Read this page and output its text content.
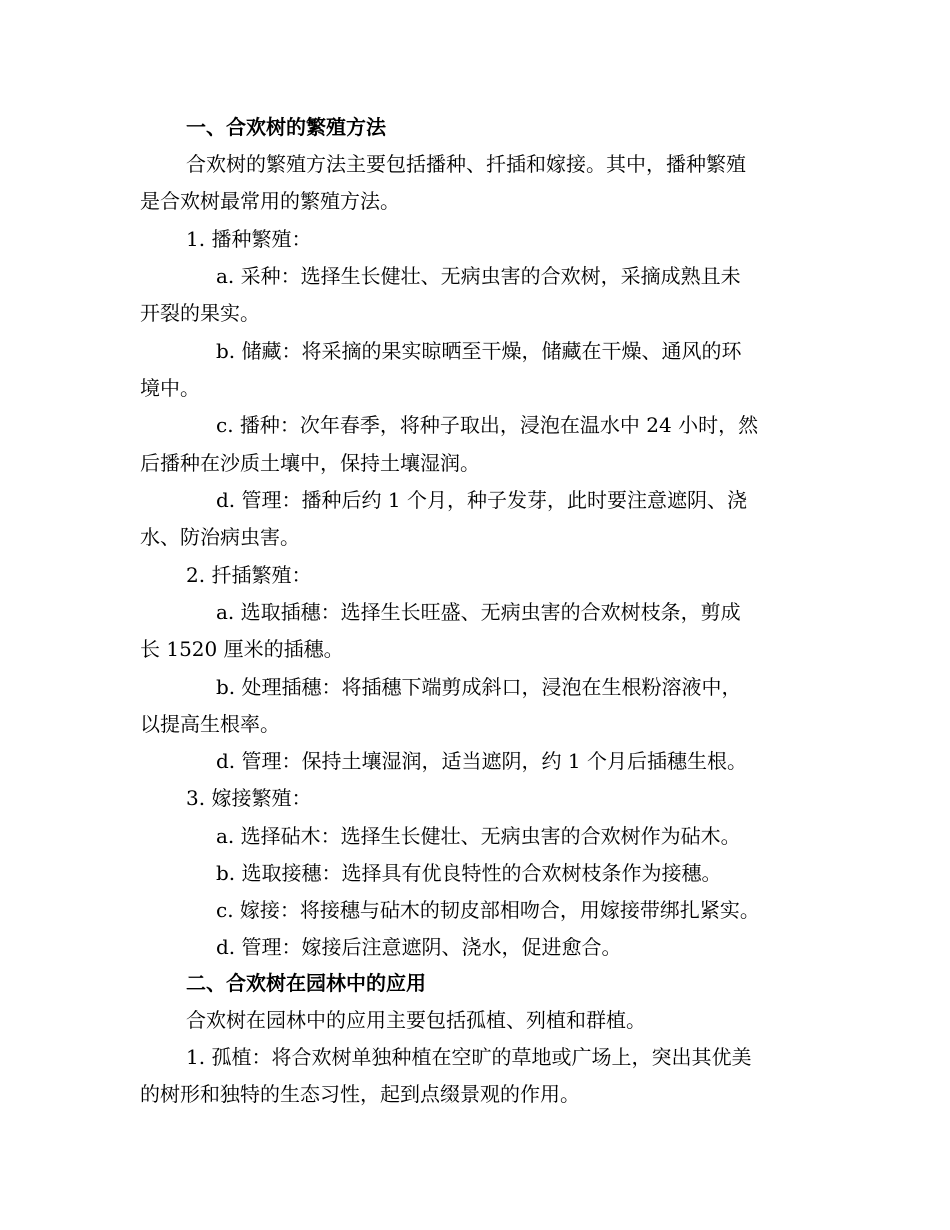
一、合欢树的繁殖方法

合欢树的繁殖方法主要包括播种、扦插和嫁接。其中，播种繁殖

是合欢树最常用的繁殖方法。

1. 播种繁殖：

a. 采种：选择生长健壮、无病虫害的合欢树，采摘成熟且未

开裂的果实。

b. 储藏：将采摘的果实晾晒至干燥，储藏在干燥、通风的环

境中。

c. 播种：次年春季，将种子取出，浸泡在温水中 24 小时，然

后播种在沙质土壤中，保持土壤湿润。

d. 管理：播种后约 1 个月，种子发芽，此时要注意遮阴、浇

水、防治病虫害。

2. 扦插繁殖：

a. 选取插穗：选择生长旺盛、无病虫害的合欢树枝条，剪成

长 1520 厘米的插穗。

b. 处理插穗：将插穗下端剪成斜口，浸泡在生根粉溶液中，

以提高生根率。

d. 管理：保持土壤湿润，适当遮阴，约 1 个月后插穗生根。

3. 嫁接繁殖：

a. 选择砧木：选择生长健壮、无病虫害的合欢树作为砧木。

b. 选取接穗：选择具有优良特性的合欢树枝条作为接穗。

c. 嫁接：将接穗与砧木的韧皮部相吻合，用嫁接带绑扎紧实。

d. 管理：嫁接后注意遮阴、浇水，促进愈合。

二、合欢树在园林中的应用

合欢树在园林中的应用主要包括孤植、列植和群植。

1. 孤植：将合欢树单独种植在空旷的草地或广场上，突出其优美

的树形和独特的生态习性，起到点缀景观的作用。
